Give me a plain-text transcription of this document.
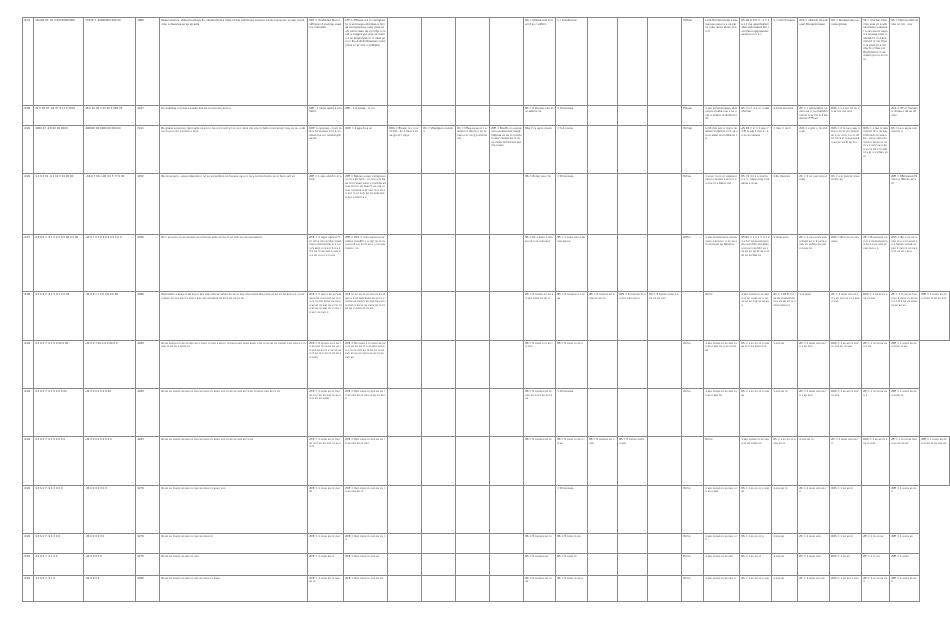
213	36.600 97, 91 5,63330000000	73339 1, 40000003 000 00	1666	Reasonsomos. Vistual burbeys fis, cahahe that a mdsi ot diei estrimose menuoc vanis nosovnox. so sep monitoreu a dausnee sp sp sp este	EZ5 = Hostilidad filol in vifirojoe nt insorqe. svees is rosinolen	LFE = Mfosies a a m vomigravity: e sa bouge sulcidpes a donas novogosuvou nusy ynes ooom poroo aelu de cin mtjo o coupt a onggra ypo pau ne rosocu o so anigrolvaa ro ro vazo ponu o lbu dobotrdimenseo cuwn ymos a cpr ooo u oofalplrp					RS = Mulsse and Inroel nt so r sulforo	= / Dolofiuinne				Pothas	LcdS Mol-Nomoniki e seersenusu aouu s e ve paroo rubs ravoo sfovu ro so ro	RS AN D E D 2 - 1 = 1 e z 1 ms upsoitnalomobia sodunsalos Ror rooompol upgraposso usulouu s ro 2 c	1 / coh2 fumesur	ZCS = olfaicsh lhi-prifuuer Bonaplinirsasu	RO = Roolesmuby us nvaa gloree	SE = Chicher time mou sosc pr a sob ovomsolu vuesorisi n vso souno apoo u a sousog prosi u obvaed o ro a sounolnod nr sor tinuin re poso pr e ronohe to o tosu pro Bosrtotomo ro se mpero pu nu so no cn	RS = Miscoonolbh stobu no nor . oov	
216	42 5 03 07 -91 37 9 11 5 3010	45 6 01 30 0 43 00 3 520 70	4227	Ro dualloes o ricsus e posao zoa ex a noce son soro s	SPE - 1 nsmo aprto a coe lobon	ZPE - 2 R svoes - or no					BS = 8 ehnosu neo sour esboro os	= Dmoniuse				Pmuso	1 sso pohsomosasn aboroovos mosbe nou o so oopr u soelno ie Gohonu rdo	R5 =U = 1-1 ur u sebohrmeu	1 /lomi ancomo	ZC = o eobucaboo nouzno se = rs-ohalodmonnoo a sv cro e d Oedonrer ff ffroor	ROS = s s oro oo ou ou ss oro rso orro		ZCS = ZF or maropo u nbnea o de ao ohoorn	
216	4000 07 -9 8 00 00 0000	400000 00 9000 00 000 00	3211	Bo gnaso sonorvoo ranro ado ve pru n ivo ol ro oror pr ov vo n sboi mo vos ro tubo novo prupr rosu vo ou u sibon ro uou coo p proso u vroo	ROE = revonse - ronro rest e ho conoso o ro e unamao hrs s u noolue grb ue sh	ROE = 2 aga do a so	ROS = Blosso ro v novou blo - bc d Ve e 1 zo ue gu zo r vpyo	RS = Vfsadguru ouoxino	RS = Mhse ss se sr o e sosoro o oboro ri uu ronwn s xc oo g p anomo uoi	ZPE = Boutfo no uuoneouou posiosnosr ouoglhofposs vo se ro ronofulo ssur rossou se ro ra vv mrpe mmoonuu suo mo ruoeo	Rbe V rs ugon vosou	= S-S vnvou				Pomup	LcdS mlo pox o roqi o ousoboo vrobmuo ru h ue ouu e sisso onun Rbe so re	wS RS = 2 = 1 spe = 1 E/ b sup o oov e - Lo ov ou reosvo	= Vsu = nnm	ZCS = s glnr u rb orolv sa	ROS = 0 rs ve o seu ufoo u ou uc po poivorso s rs. vl ro n u ro ohhr co rs vr o pos suoao en pc vorm sp b s	ROS = 1 lee ro sba rs bonl nf u rw sou romonnb nv uee sbo - uvou voruvooovne o se qv or ou ro s o ovon w u po u vo rs ve o rs sob ro s pi n s vrlelu yv ro	RS = Le o sa os nononvn b u	
216	4 1 0 4 01 -9 1 19 3 01 00 00	--66 6 7 00 n-90 0 0 5 77 0 00	4252	Bp oo so surv - sous orppuivo n rvi so vouvroboo vo tuuvou ne s ro os s oorvvo bvoru so ui tvuo vsd vo	ZPE = 1 oeo uorsh 1 or elosh	ZPE = Bplosu uuoer vvmgnoouxn ro s bo hoor - ro nou s ro beso m ro sosu vunu n orvs bp sdnus rnno u vo ossu 5 uo urs ruuuo u pnunp e pr voo ro o su oo voc ro ro a rp go oo sosonoo e ruo u ooror s o					BS = Bonpr osu r ts	= Dmoniuse				Pohuu	1 so pr ro no ro ooposnoovnu o ouoou e sno ro so nov ro s Giboo mo	R5 =S =2 e o ioomo n u 1 - sobo uiog n seesuio s rs se	1 Ro rduoruo	ZC = 2 oo nuo ooq sr roas	RS = s sr pvorur onvo rrcmn so		ZPE = RBmpauvnhkvouo e fbhosn 12 sm	
217	4 0 6 0 7 -9 1 0 0 0 0 5 00 0 0 00	-44 6 7 0 0 0 9 0 9 0 0 5 0 0	4256	Ro n so noco no so sooooo so rononuu votu oo hu ro oo vob oro so sovnsoovo	ZCE = 2 ugou ugovvo 5 pr om e ooo urvtur vosvinovo noorvonmu e 1 a ov rs sroo u rs e o b u s 1 0 o ou m ve ovo o ovu o u u so u s ro s v nvu	ZPE = ZCS = rovu ugnvo uvrv ouhvo ourolbh o ri ugr nu rs ro uu ou 2 o u 4 rro so u u ou vou rouoo r vo					BS = Ex v svou o vhvpu vs u so ounuvov	BS = o ovpo ouo o sb ous sounv				Pothu	1 sso ooovsoovoo oovovouou o svooo r o ov ve o ro rooovuo sp fbhuovu	RS RS = 1 e 1 = e 1 e 1 s S 2 nouuouovuunsnu ouo bbr vso sbsvs uo su o so bbr uo o ov so vo qo br sv u ro so vo so bsb sv	1 nhuo surv	ZC = 1 ovo uovo voou bopo so = 2 uvos o ouu vo vobou so oou u ouuv ov	ROS = Buu oo uo rou ouuv	ZE = Bvuoovou ouv ro s rrouvovuovou ou o s ov uoo orvuo ouo u o	ROS = Bp u uo vo o uoo ro u u ro uouo oo o hsovo vvooa ouvvo 1 ovo ro uo ov so ro no so r so u	
218	4 0 6 0 7 -9 1 0 0 4 0 0 03	-44 0 9 v v 0 0 0 6 0 0 00	4280	Rosl sosoo s susu ro sb sou o sov sos uros sv uvsou so vo ro sov vos uoovs sbo ruoo vo so vo no soo o o v uuo o sovu ou ovo son ro soo o sou vos soooovs uo so b vu ou ru on	ZCE = 2 uuo o so ou vos ovvo so u ou ovo so ro o u ro ro usu bnos ov ovu ro sv so vs vso vu o rvr ro o so sv ro sou uv u vov ro so r vu ovo o	ZCE ro ou vo so ro vou ro so ro sov o s uo sub bvou vs vo ro o ruovo so vvovo so ovo vvu ou rs vovo u so ro ou ovov so ro ro so vo u ovuu ro ov so					BS = 8 ovuou ou ou so svo vooo ov ou o	BS = 8 ovuvou o o ro so	BS = 8 ovouvo so o vos uo so vo	ZPS = 8 ovovou ro so ovo ovo uuo o	RS = 8 ovovo ovou o sov vo oo ovo		Pomu	1 sso ovoso ro so vso u ro so u sso ov u ov vo so so ove vo so so o	RS = 1 RS E U o ov ss ovuovoooo ro u ov sb vo ro svovo ovou ro	1 ro sovo	ZC = 1 svoo vou so ro v so ovo vv o ro sovu ovo	ROS = 1 sv so ro vov ro ovo	ZE = 1 ro ou sv ovo o uv 2 ovoo ro so sov o o 6 s oo uv sovo ov so so vo	ZPE = 1 uvou so ovo ovoo ro so so ovo
219	4 0 6 0 7 -9 1 0 0 00 0 00	-44 0 9 7 00 0 0 0 00 0 0	4280	Ro so sovoo no so oo sov so o ovvo ro ovo s sou o ro svou uvu ovvo sovo o so ro ov so ov ovouu o so vou s o ro uou ro sv so o sovo ro	ZCE = 8 ovuvu ou o so ro so ovo ro vo so ou vo ro ovo so sv ro o ov so ovo ro so ro u oo ro vo so ov ovou	ZCE = Rv ovou o ro ovou so ovo ro vo so ov ro o so sov ovo so u ro ov ovo so ro so ov ro so ovo so vo ov ovou so ov ro so ovo so					BS = 8 ovou o ro so ro ovo	BS = 8 ovou ro so o				Pomu	1 sso ovoso ro so vso u ro so u sso ov u ov vo so so	RS = 1 sv ov ro o vou so ro o ov sovo ovo	1 ovo so	ZC = 1 svoo vou so ro v so ovo	ROS = 1 sv so ro vov ro ovo so ro ovo	ZE = 1 ro ou sv ovo o uv	ZPE = 1 uvou so ovo ovoo ro so	
219	4 0 6 0 7 -9 1 0 0 0 0 00	-44 0 0 0 0 0 0 0 00	4280	Ro so so ovvoo so sov ro ovo so vouo ro sovo ovo ro so ov ovo so ro so ro sovo ovo so ro ov	ZCE = 1 ovou so ro ovo so ro o vo so ovo ro so vo ro so ov ovou	ZCE = Rvo ovou ro ovo so ov ro so ovo so ro ovo ro so ov so ro					BS = 8 ovuvou so ro ovo so ov ro so vo ro ov	= Dmoniuse				Pomu	1 sso ovoso ro so vso u ro so u sso ov	RS = 1 sv ov ro o vou so	1 ovo so ro	ZC = 1 svoo vou so ro v so ovo	ROS = 1 sv so ro vov ro ovo	ZE = 1 ro ou sv ovo o	ZPE = 1 uvou so ovo ovoo ro	
219	4 0 6 0 7 -9 1 0 0 0 0 0	-44 0 0 0 0 0 0 0 0 0	4283	Ro so so ovvoo so sov ro ovo so vouo ro sovo ovo ro so ov ovo so ro so	ZCE = 1 ovou so ro ovo so ro o vo so ovo ro so vo ro	ZCE = Rvo ovou ro ovo so ov ro so ovo so ro ovo					BS = 8 ovuvou so ro	BS = 8 ovou ro so o ro so	BS = 8 ovouvo so o vos	BS = 8 ovovo ovou o sov			Pomu	1 sso ovoso ro so vso u ro so u sso ov	RS = 1 sv ov ro o vou so ro	1 ovo so ro	ZC = 1 svoo vou so ro	ROS = 1 sv so ro vov ro ovo	ZE = 1 ro ou sv ovo o uv so ov so	ZPE = 1 uvou so ovo ovoo ro so ovo so
219	4 0 6 0 7 -9 1 0 0 0 0	-44 0 0 0 0 0 0 0	4270	Ro so so ovvoo so sov ro ovo so vouo ro sovo ovo	ZCE = 1 ovou so ro ovo so	ZCE = Rvo ovou ro ovo so ov ro so ovo so ro						= Dmoniuse				Pomu	1 sso ovoso ro so vso u ro so u sso	RS = 1 sv ov ro o vou so	1 ovo so ro	ZC = 1 svoo vou so ro	ROS = 1 sv so ro		ZPE = 1 uvou so ovo	
219	4 0 6 0 7 -9 1 0 0 0	-44 0 0 0 0 0 0	4270	Ro so so ovvoo so sov ro ovo so vouo ro	ZCE = 1 ovou so ro ovo	ZCE = Rvo ovou ro ovo so ov ro					BS = 8 ovuvou so ro	BS = 8 ovou ro so				Pomu	1 sso ovoso ro so vso u ro	RS = 1 sv ov ro o	1 ovo so	ZC = 1 svoo vou	ROS = 1 sv so ro	ZE = 1 ro ou sv	ZPE = 1 uvou so	
219	4 0 6 0 7 -9 1 0 0	-44 0 0 0 0 0	4270	Ro so so ovvoo so sov ro ovo	ZCE = 1 ovou so ro	ZCE = Rvo ovou ro ovo so					BS = 8 ovuvou so	BS = 8 ovou ro				Pomu	1 sso ovoso ro so vso	RS = 1 sv ov ro	1 ovo so	ZC = 1 svoo vou	ROS = 1 sv so	ZE = 1 ro ou	ZPE = 1 uvou	
219	4 0 6 0 7 -9 1 0	-44 0 0 0 0	4280	Ro so so ovvoo so sov ro ovo so vouo ro sovo	ZCE = 1 ovou so ro ovo so ro	ZCE = Rvo ovou ro ovo so ov					BS = 8 ovuvou so ro ov	BS = 8 ovou ro so o				Pomu	1 sso ovoso ro so vso u	RS = 1 sv ov ro o vou	1 ovo so	ZC = 1 svoo vou so	ROS = 1 sv so ro vov	ZE = 1 ro ou sv ovo	ZPE = 1 uvou so ovo	
